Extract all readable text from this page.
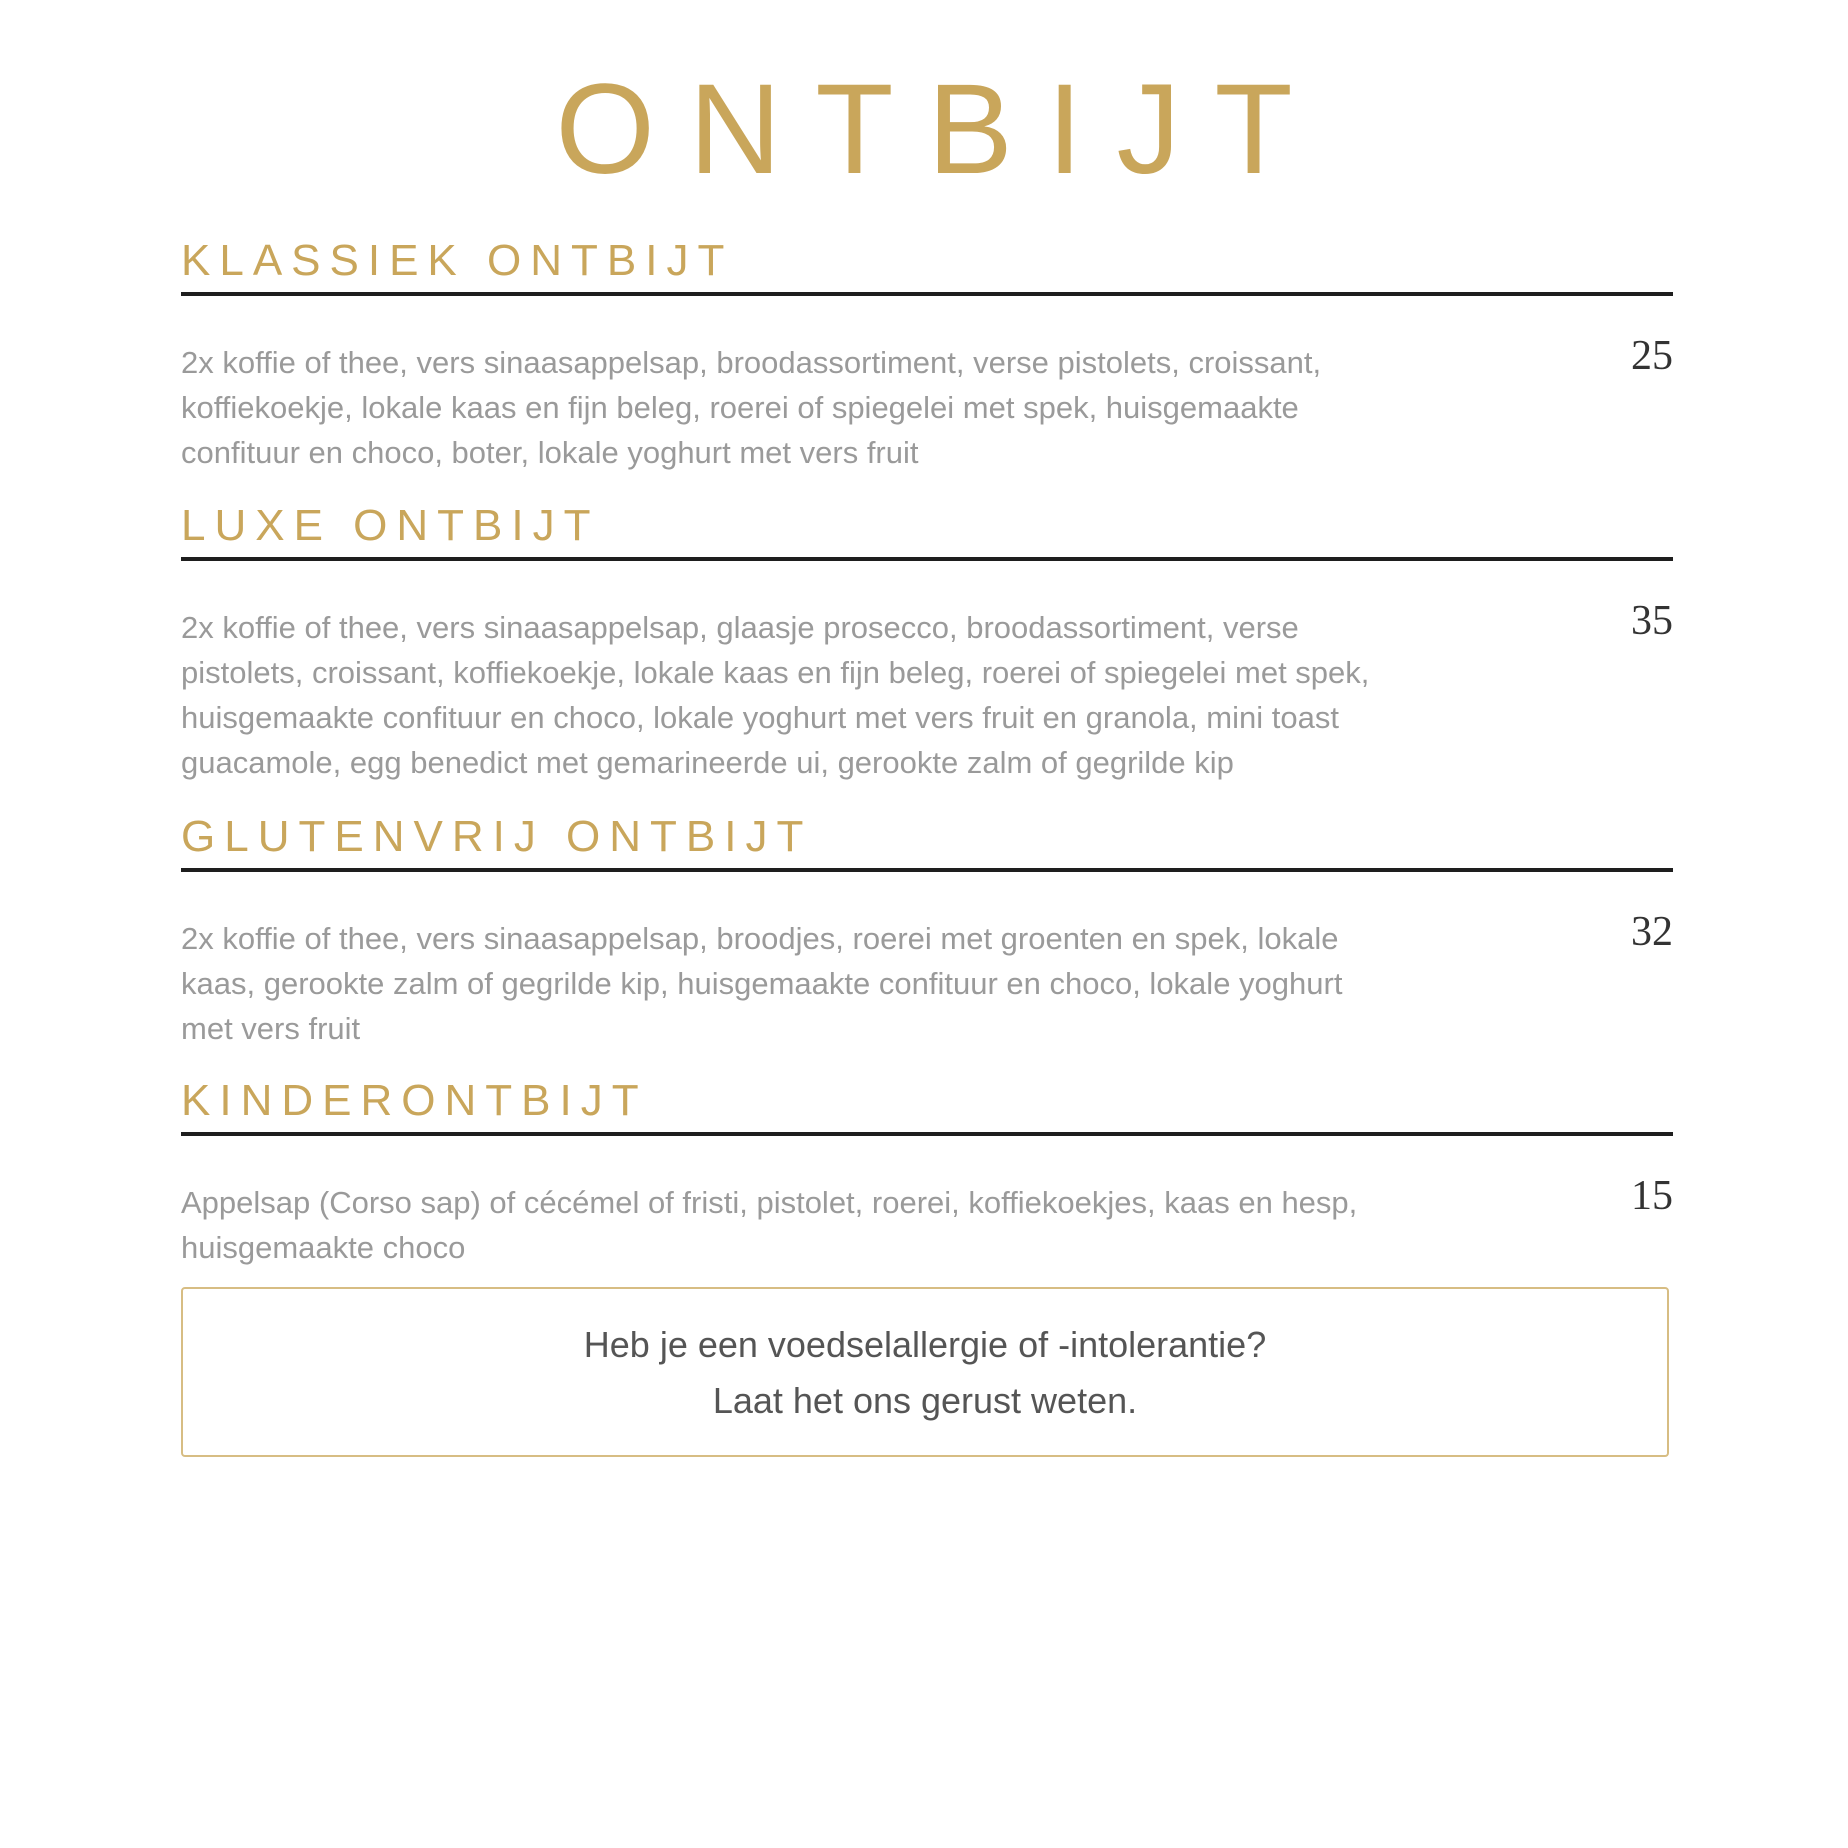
ONTBIJT
KLASSIEK ONTBIJT
2x koffie of thee, vers sinaasappelsap, broodassortiment, verse pistolets, croissant,
koffiekoekje, lokale kaas en fijn beleg, roerei of spiegelei met spek, huisgemaakte
confituur en choco, boter, lokale yoghurt met vers fruit
25
LUXE ONTBIJT
2x koffie of thee, vers sinaasappelsap, glaasje prosecco, broodassortiment, verse
pistolets, croissant, koffiekoekje, lokale kaas en fijn beleg, roerei of spiegelei met spek,
huisgemaakte confituur en choco, lokale yoghurt met vers fruit en granola, mini toast
guacamole, egg benedict met gemarineerde ui, gerookte zalm of gegrilde kip
35
GLUTENVRIJ ONTBIJT
2x koffie of thee, vers sinaasappelsap, broodjes, roerei met groenten en spek, lokale
kaas, gerookte zalm of gegrilde kip, huisgemaakte confituur en choco, lokale yoghurt
met vers fruit
32
KINDERONTBIJT
Appelsap (Corso sap) of cécémel of fristi, pistolet, roerei, koffiekoekjes, kaas en hesp,
huisgemaakte choco
15
Heb je een voedselallergie of -intolerantie?
Laat het ons gerust weten.
